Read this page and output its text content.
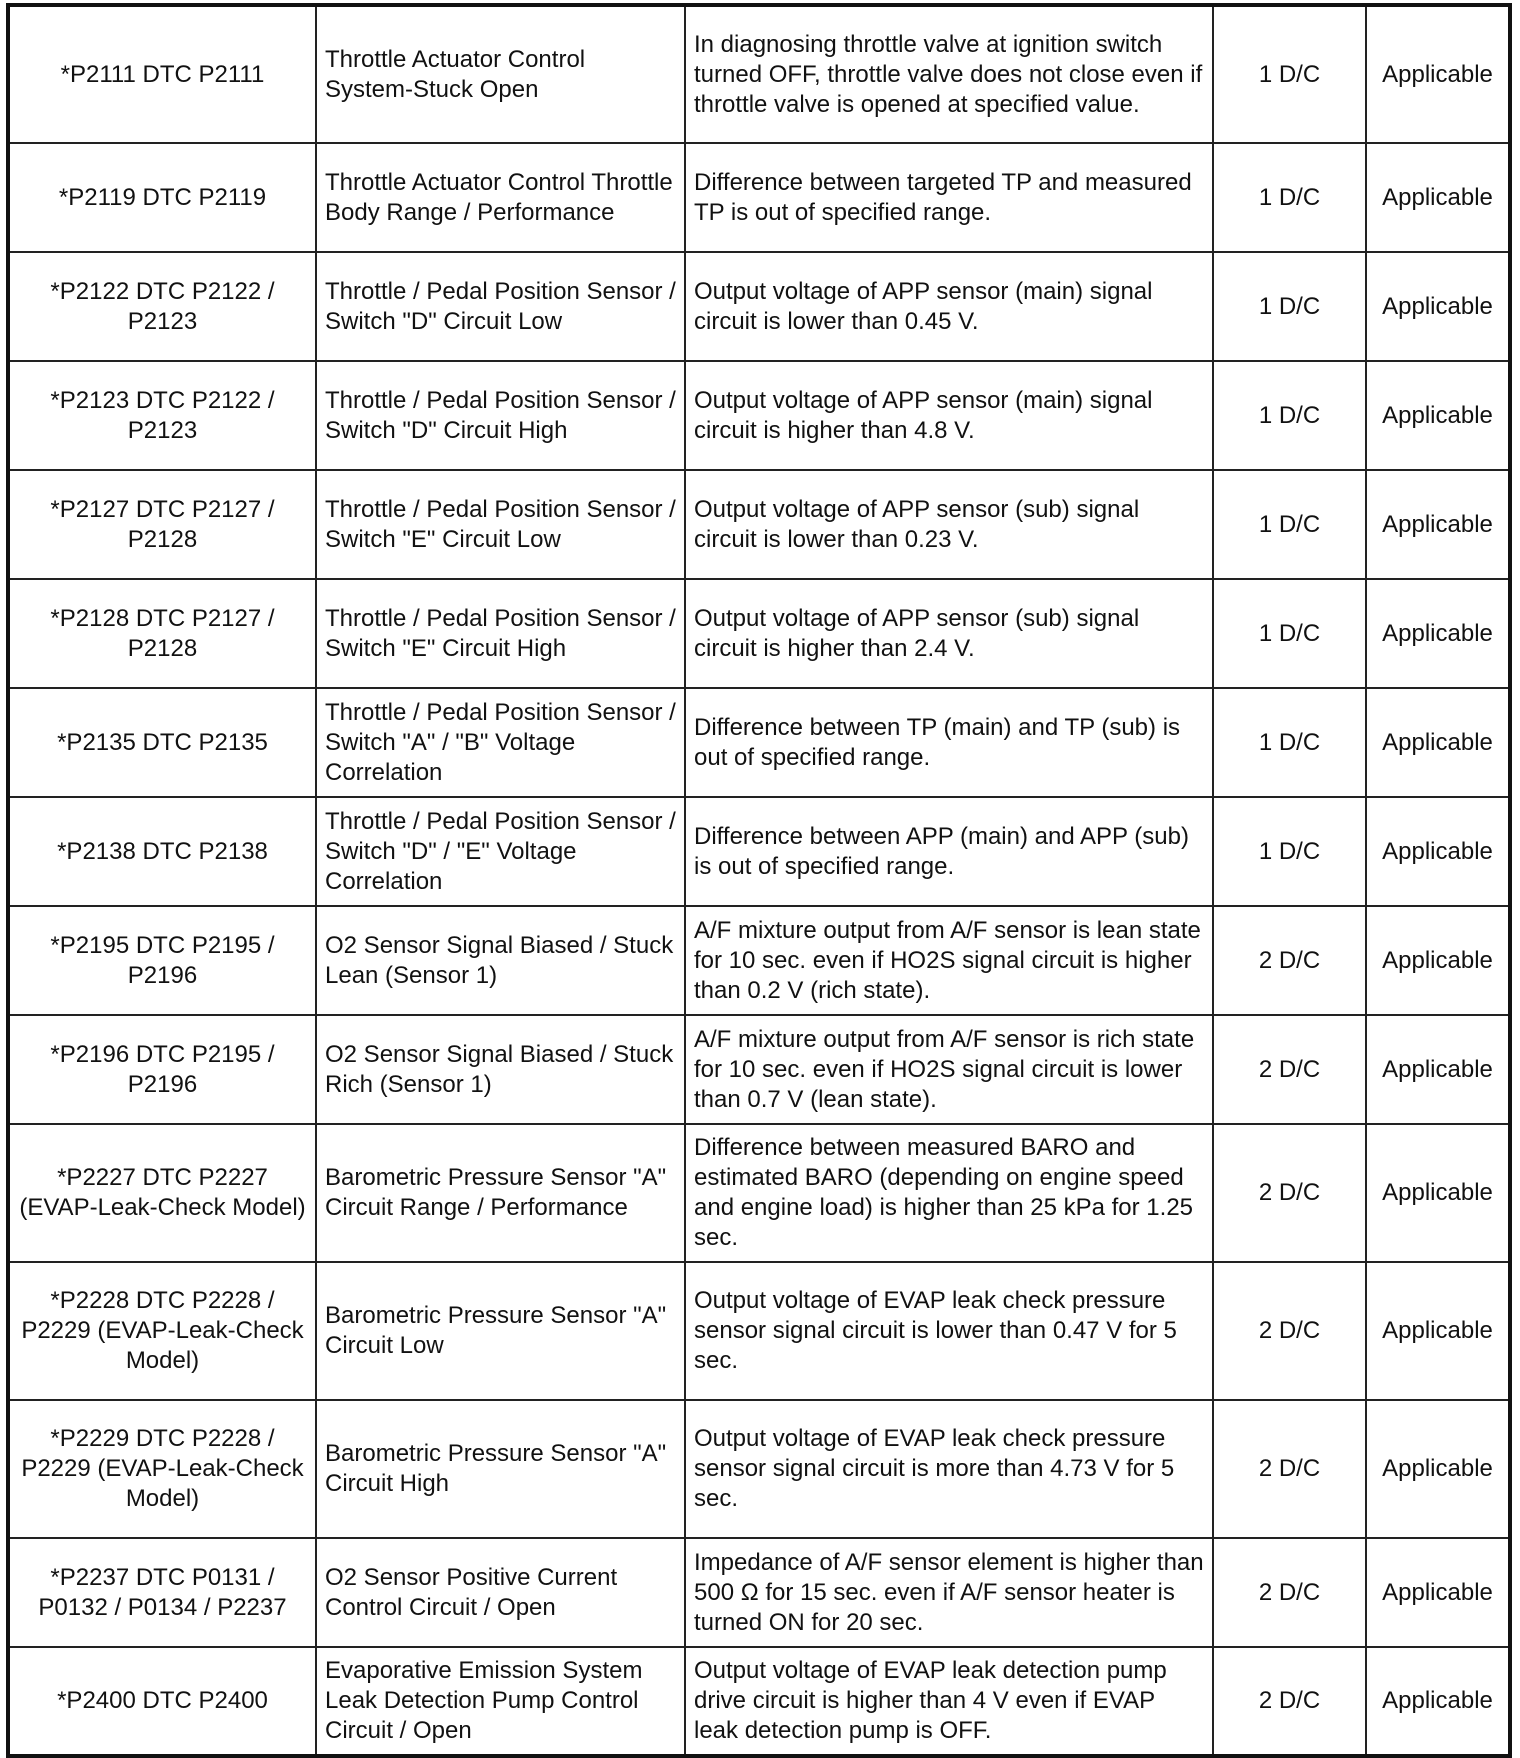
*P2111 DTC P2111	Throttle Actuator Control System-Stuck Open	In diagnosing throttle valve at ignition switch turned OFF, throttle valve does not close even if throttle valve is opened at specified value.	1 D/C	Applicable
*P2119 DTC P2119	Throttle Actuator Control Throttle Body Range / Performance	Difference between targeted TP and measured TP is out of specified range.	1 D/C	Applicable
*P2122 DTC P2122 / P2123	Throttle / Pedal Position Sensor / Switch "D" Circuit Low	Output voltage of APP sensor (main) signal circuit is lower than 0.45 V.	1 D/C	Applicable
*P2123 DTC P2122 / P2123	Throttle / Pedal Position Sensor / Switch "D" Circuit High	Output voltage of APP sensor (main) signal circuit is higher than 4.8 V.	1 D/C	Applicable
*P2127 DTC P2127 / P2128	Throttle / Pedal Position Sensor / Switch "E" Circuit Low	Output voltage of APP sensor (sub) signal circuit is lower than 0.23 V.	1 D/C	Applicable
*P2128 DTC P2127 / P2128	Throttle / Pedal Position Sensor / Switch "E" Circuit High	Output voltage of APP sensor (sub) signal circuit is higher than 2.4 V.	1 D/C	Applicable
*P2135 DTC P2135	Throttle / Pedal Position Sensor / Switch "A" / "B" Voltage Correlation	Difference between TP (main) and TP (sub) is out of specified range.	1 D/C	Applicable
*P2138 DTC P2138	Throttle / Pedal Position Sensor / Switch "D" / "E" Voltage Correlation	Difference between APP (main) and APP (sub) is out of specified range.	1 D/C	Applicable
*P2195 DTC P2195 / P2196	O2 Sensor Signal Biased / Stuck Lean (Sensor 1)	A/F mixture output from A/F sensor is lean state for 10 sec. even if HO2S signal circuit is higher than 0.2 V (rich state).	2 D/C	Applicable
*P2196 DTC P2195 / P2196	O2 Sensor Signal Biased / Stuck Rich (Sensor 1)	A/F mixture output from A/F sensor is rich state for 10 sec. even if HO2S signal circuit is lower than 0.7 V (lean state).	2 D/C	Applicable
*P2227 DTC P2227 (EVAP-Leak-Check Model)	Barometric Pressure Sensor "A" Circuit Range / Performance	Difference between measured BARO and estimated BARO (depending on engine speed and engine load) is higher than 25 kPa for 1.25 sec.	2 D/C	Applicable
*P2228 DTC P2228 / P2229 (EVAP-Leak-Check Model)	Barometric Pressure Sensor "A" Circuit Low	Output voltage of EVAP leak check pressure sensor signal circuit is lower than 0.47 V for 5 sec.	2 D/C	Applicable
*P2229 DTC P2228 / P2229 (EVAP-Leak-Check Model)	Barometric Pressure Sensor "A" Circuit High	Output voltage of EVAP leak check pressure sensor signal circuit is more than 4.73 V for 5 sec.	2 D/C	Applicable
*P2237 DTC P0131 / P0132 / P0134 / P2237	O2 Sensor Positive Current Control Circuit / Open	Impedance of A/F sensor element is higher than 500 Ω for 15 sec. even if A/F sensor heater is turned ON for 20 sec.	2 D/C	Applicable
*P2400 DTC P2400	Evaporative Emission System Leak Detection Pump Control Circuit / Open	Output voltage of EVAP leak detection pump drive circuit is higher than 4 V even if EVAP leak detection pump is OFF.	2 D/C	Applicable
